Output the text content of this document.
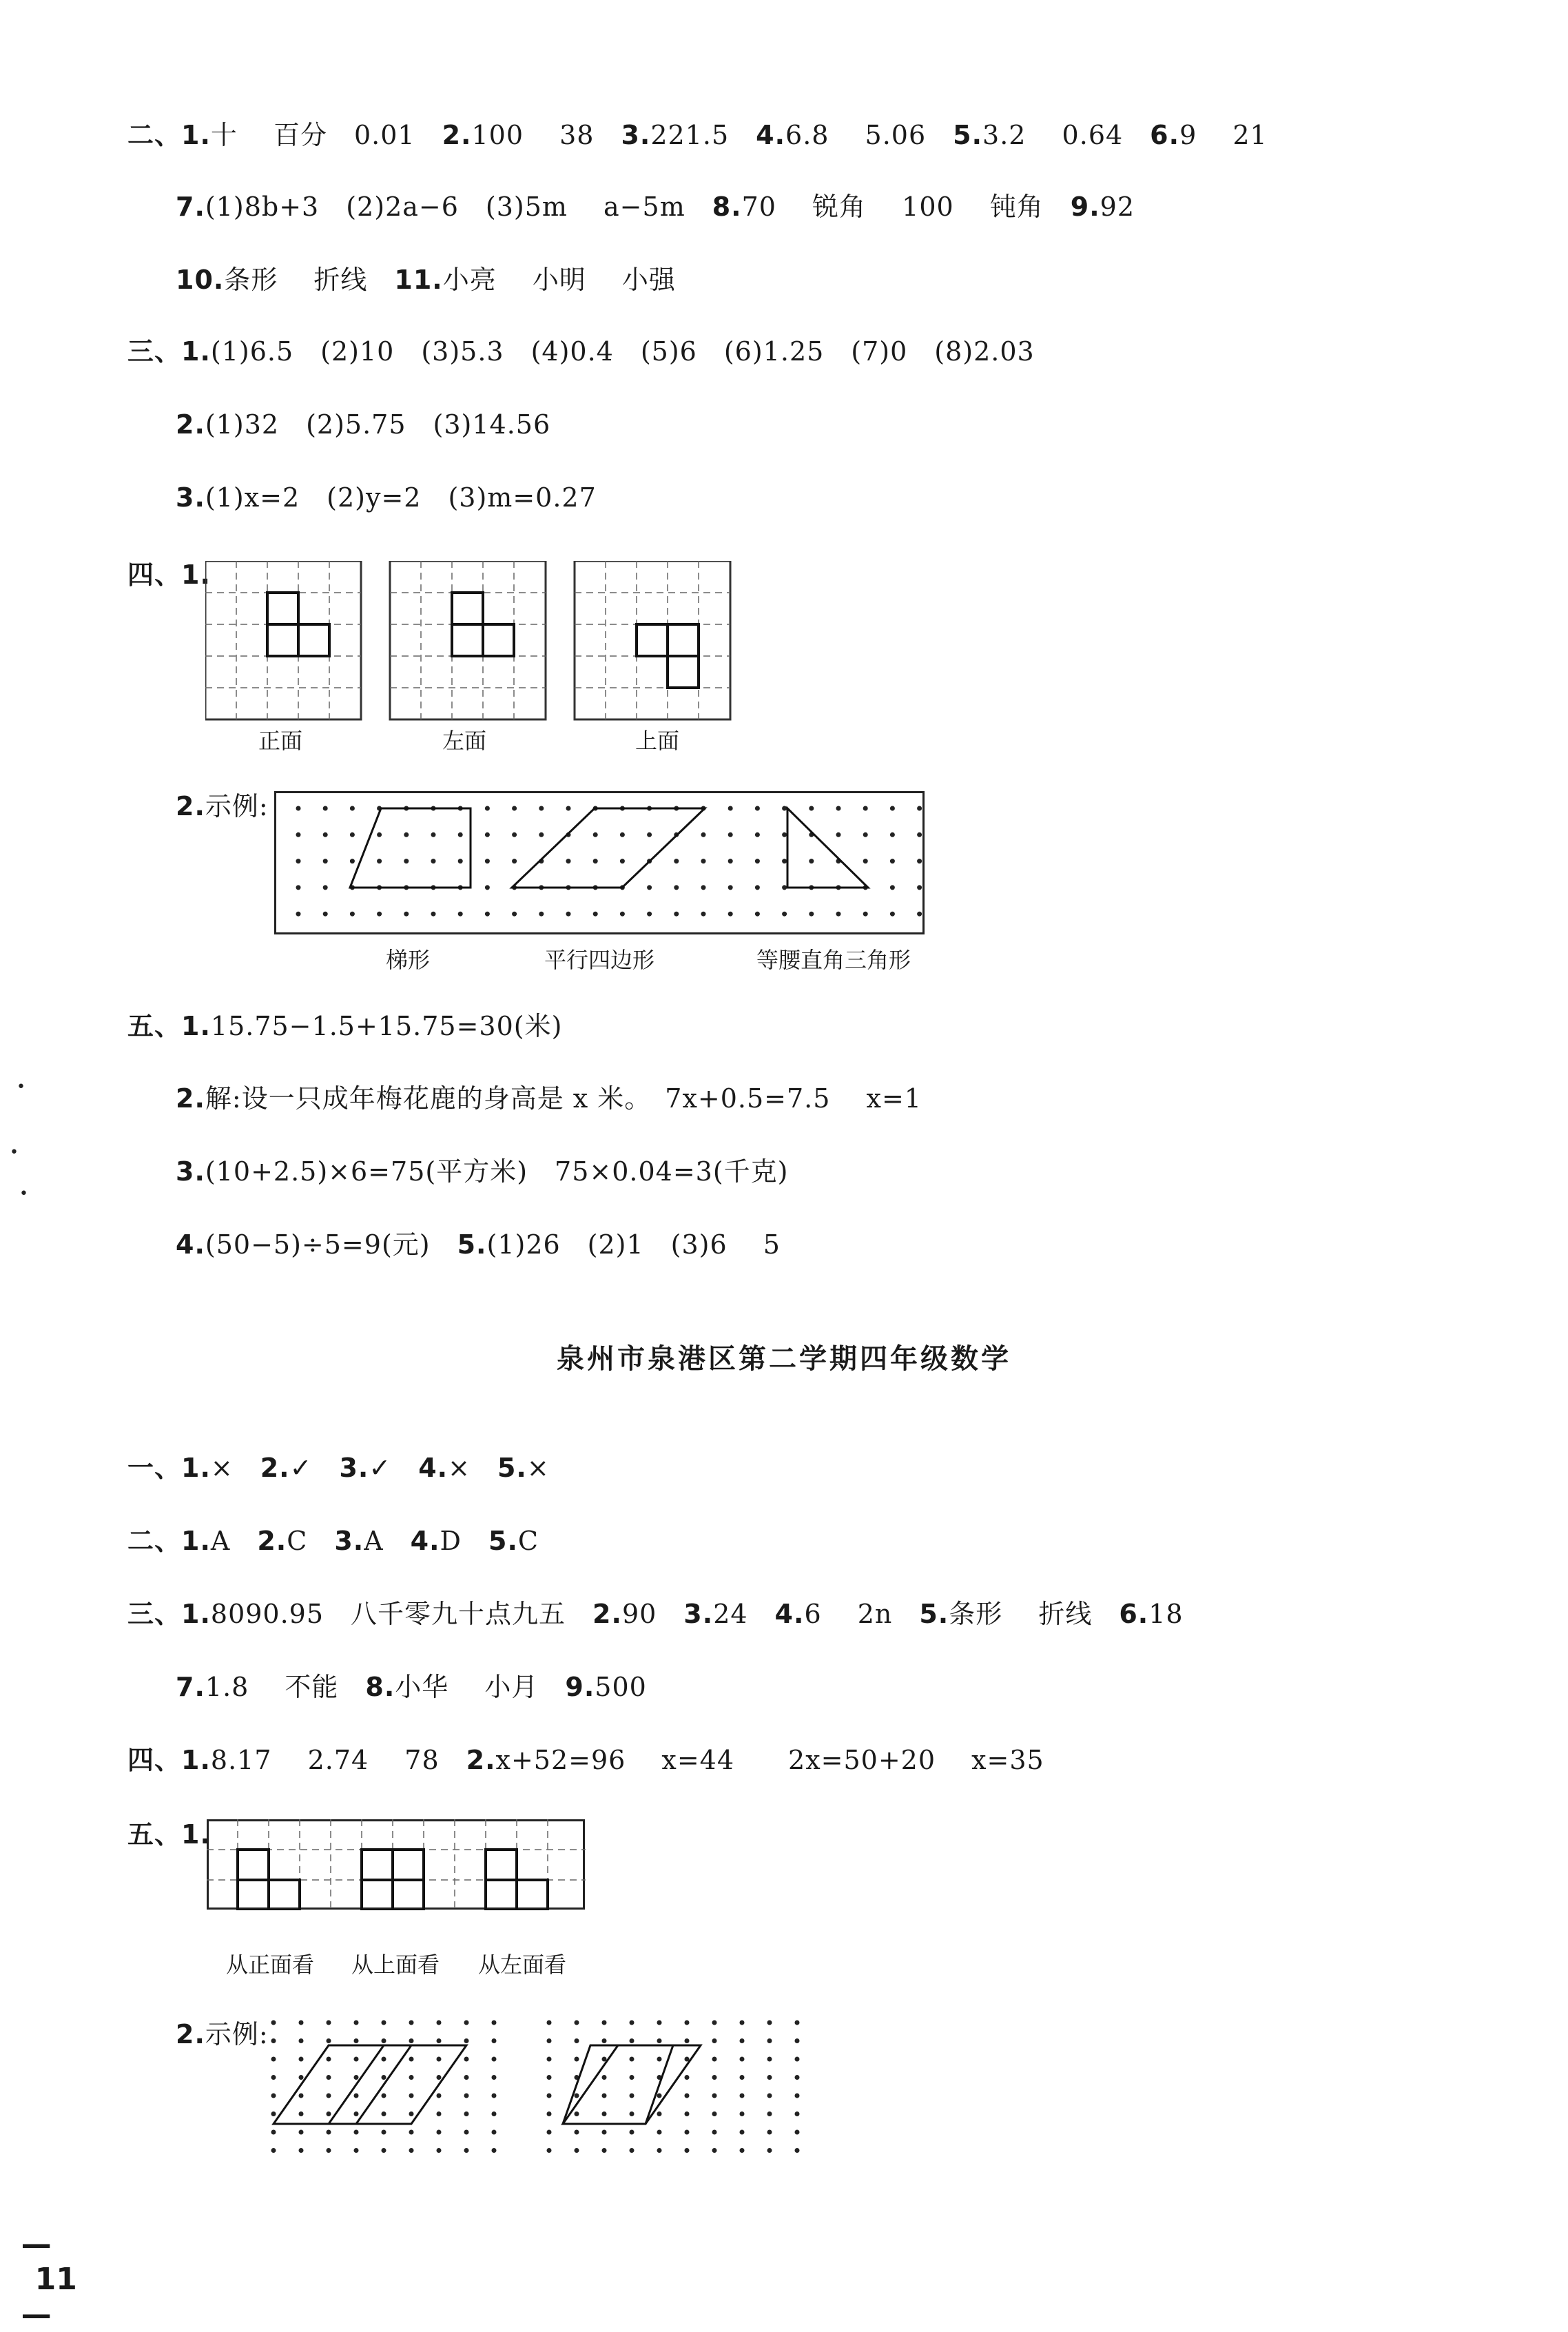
二、1.十　 百分　0.01　2.100　 38　3.221.5　4.6.8　 5.06　5.3.2　 0.64　6.9　 21
7.(1)8b+3　(2)2a−6　(3)5m　 a−5m　8.70　 锐角　 100　 钝角　9.92
10.条形　 折线　11.小亮　 小明　 小强
三、1.(1)6.5　(2)10　(3)5.3　(4)0.4　(5)6　(6)1.25　(7)0　(8)2.03
2.(1)32　(2)5.75　(3)14.56
3.(1)x=2　(2)y=2　(3)m=0.27
四、1.
2.示例:
五、1.15.75−1.5+15.75=30(米)
2.解:设一只成年梅花鹿的身高是 x 米。　7x+0.5=7.5　 x=1
3.(10+2.5)×6=75(平方米)　75×0.04=3(千克)
4.(50−5)÷5=9(元)　5.(1)26　(2)1　(3)6　 5
泉州市泉港区第二学期四年级数学
一、1.×　2.✓　3.✓　4.×　5.×
二、1.A　2.C　3.A　4.D　5.C
三、1.8090.95　八千零九十点九五　2.90　3.24　4.6　 2n　5.条形　 折线　6.18
7.1.8　 不能　8.小华　 小月　9.500
四、1.8.17　 2.74　 78　2.x+52=96　 x=44　　2x=50+20　 x=35
五、1.
2.示例:
正面	左面	上面
梯形	平行四边形	等腰直角三角形
从正面看 从上面看 从左面看
•
•
•

—
11
—
